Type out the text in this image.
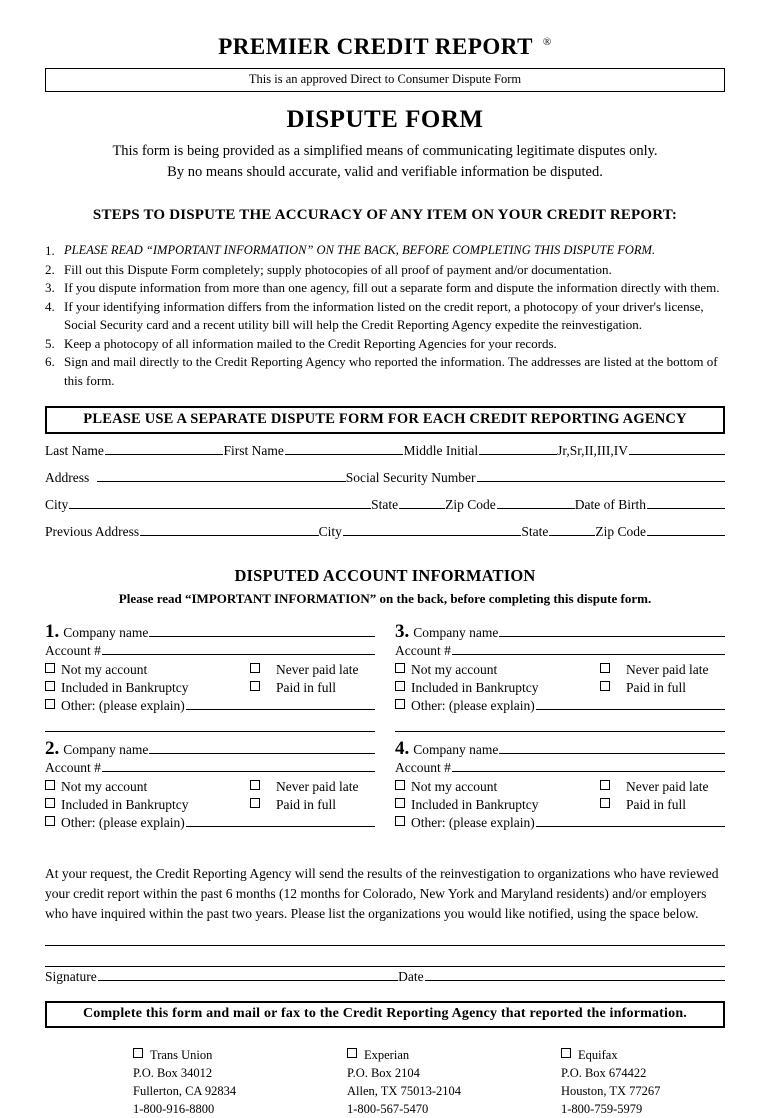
PREMIER CREDIT REPORT ®
This is an approved Direct to Consumer Dispute Form
DISPUTE FORM
This form is being provided as a simplified means of communicating legitimate disputes only.
By no means should accurate, valid and verifiable information be disputed.
STEPS TO DISPUTE THE ACCURACY OF ANY ITEM ON YOUR CREDIT REPORT:
1. PLEASE READ “IMPORTANT INFORMATION” ON THE BACK, BEFORE COMPLETING THIS DISPUTE FORM.
2. Fill out this Dispute Form completely; supply photocopies of all proof of payment and/or documentation.
3. If you dispute information from more than one agency, fill out a separate form and dispute the information directly with them.
4. If your identifying information differs from the information listed on the credit report, a photocopy of your driver's license, Social Security card and a recent utility bill will help the Credit Reporting Agency expedite the reinvestigation.
5. Keep a photocopy of all information mailed to the Credit Reporting Agencies for your records.
6. Sign and mail directly to the Credit Reporting Agency who reported the information. The addresses are listed at the bottom of this form.
PLEASE USE A SEPARATE DISPUTE FORM FOR EACH CREDIT REPORTING AGENCY
Last Name	First Name	Middle Initial	Jr,Sr,II,III,IV
Address	Social Security Number
City	State	Zip Code	Date of Birth
Previous Address	City	State	Zip Code
DISPUTED ACCOUNT INFORMATION
Please read “IMPORTANT INFORMATION” on the back, before completing this dispute form.
1. Company name
Account #
Not my account	Never paid late
Included in Bankruptcy	Paid in full
Other: (please explain)
3. Company name
Account #
Not my account	Never paid late
Included in Bankruptcy	Paid in full
Other: (please explain)
2. Company name
Account #
Not my account	Never paid late
Included in Bankruptcy	Paid in full
Other: (please explain)
4. Company name
Account #
Not my account	Never paid late
Included in Bankruptcy	Paid in full
Other: (please explain)
At your request, the Credit Reporting Agency will send the results of the reinvestigation to organizations who have reviewed your credit report within the past 6 months (12 months for Colorado, New York and Maryland residents) and/or employers who have inquired within the past two years. Please list the organizations you would like notified, using the space below.
Signature	Date
Complete this form and mail or fax to the Credit Reporting Agency that reported the information.
Trans Union
P.O. Box 34012
Fullerton, CA 92834
1-800-916-8800
Experian
P.O. Box 2104
Allen, TX 75013-2104
1-800-567-5470
Equifax
P.O. Box 674422
Houston, TX 77267
1-800-759-5979
